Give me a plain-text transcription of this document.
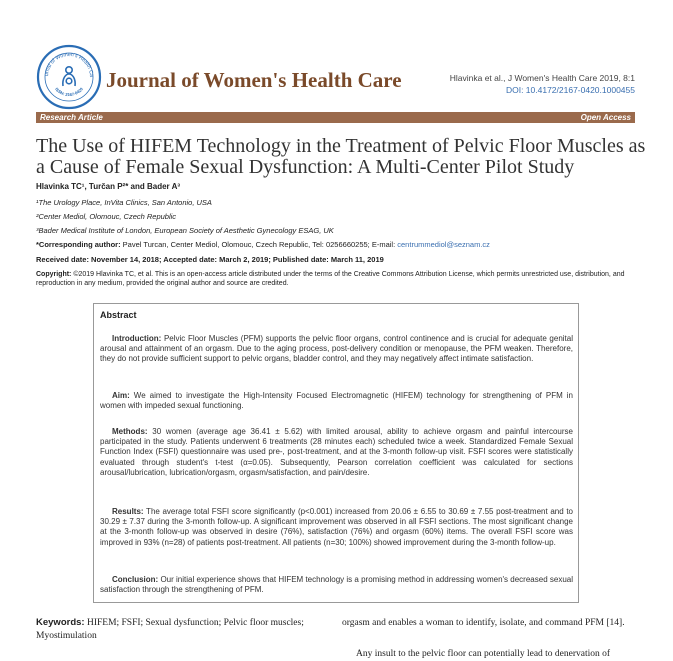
urnal of Women's Health Ca
ISSN: 2167-0420 Journal of Women's Health Care	Hlavinka et al., J Women's Health Care 2019, 8:1
DOI: 10.4172/2167-0420.1000455
Research Article	Open Access
The Use of HIFEM Technology in the Treatment of Pelvic Floor Muscles as a Cause of Female Sexual Dysfunction: A Multi-Center Pilot Study
Hlavinka TC¹, Turčan P²* and Bader A³
¹The Urology Place, InVita Clinics, San Antonio, USA
²Center Mediol, Olomouc, Czech Republic
³Bader Medical Institute of London, European Society of Aesthetic Gynecology ESAG, UK
*Corresponding author: Pavel Turcan, Center Mediol, Olomouc, Czech Republic, Tel: 0256660255; E-mail: centrummediol@seznam.cz
Received date: November 14, 2018; Accepted date: March 2, 2019; Published date: March 11, 2019
Copyright: ©2019 Hlavinka TC, et al. This is an open-access article distributed under the terms of the Creative Commons Attribution License, which permits unrestricted use, distribution, and reproduction in any medium, provided the original author and source are credited.
Abstract

Introduction: Pelvic Floor Muscles (PFM) supports the pelvic floor organs, control continence and is crucial for adequate genital arousal and attainment of an orgasm. Due to the aging process, post-delivery condition or menopause, the PFM weaken. Therefore, they do not provide sufficient support to pelvic organs, bladder control, and they may negatively affect intimate satisfaction.

Aim: We aimed to investigate the High-Intensity Focused Electromagnetic (HIFEM) technology for strengthening of PFM in women with impeded sexual functioning.

Methods: 30 women (average age 36.41 ± 5.62) with limited arousal, ability to achieve orgasm and painful intercourse participated in the study. Patients underwent 6 treatments (28 minutes each) scheduled twice a week. Standardized Female Sexual Function Index (FSFI) questionnaire was used pre-, post-treatment, and at the 3-month follow-up visit. FSFI scores were statistically evaluated through student's t-test (α=0.05). Subsequently, Pearson correlation coefficient was calculated for sections arousal/lubrication, lubrication/orgasm, orgasm/satisfaction, and pain/desire.

Results: The average total FSFI score significantly (p<0.001) increased from 20.06 ± 6.55 to 30.69 ± 7.55 post-treatment and to 30.29 ± 7.37 during the 3-month follow-up. A significant improvement was observed in all FSFI sections. The most significant change at the 3-month follow-up was observed in desire (76%), satisfaction (76%) and orgasm (60%) items. The overall FSFI score was improved in 93% (n=28) of patients post-treatment. All patients (n=30; 100%) showed improvement during the 3-month follow-up.

Conclusion: Our initial experience shows that HIFEM technology is a promising method in addressing women's decreased sexual satisfaction through the strengthening of PFM.

Keywords: HIFEM; FSFI; Sexual dysfunction; Pelvic floor muscles; Myostimulation
orgasm and enables a woman to identify, isolate, and command PFM [14].
Any insult to the pelvic floor can potentially lead to denervation of
